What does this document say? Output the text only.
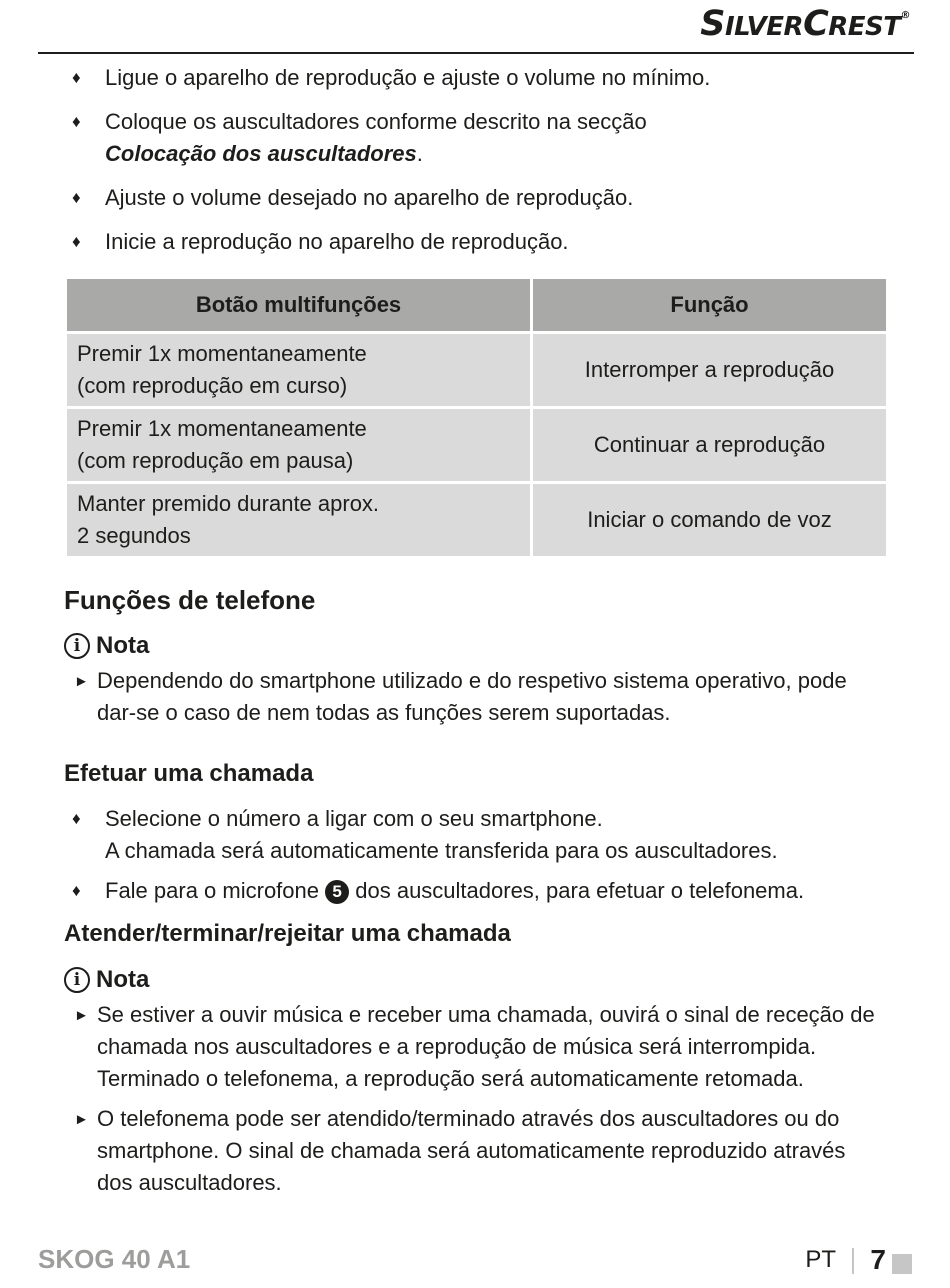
SILVERCREST®
♦ Ligue o aparelho de reprodução e ajuste o volume no mínimo.
♦ Coloque os auscultadores conforme descrito na secção
Colocação dos auscultadores.
♦ Ajuste o volume desejado no aparelho de reprodução.
♦ Inicie a reprodução no aparelho de reprodução.
Botão multifunções	Função
Premir 1x momentaneamente
(com reprodução em curso)	Interromper a reprodução
Premir 1x momentaneamente
(com reprodução em pausa)	Continuar a reprodução
Manter premido durante aprox.
2 segundos	Iniciar o comando de voz
Funções de telefone
i Nota
► Dependendo do smartphone utilizado e do respetivo sistema operativo, pode dar-se o caso de nem todas as funções serem suportadas.
Efetuar uma chamada
♦ Selecione o número a ligar com o seu smartphone.
A chamada será automaticamente transferida para os auscultadores.
♦ Fale para o microfone 5 dos auscultadores, para efetuar o telefonema.
Atender/terminar/rejeitar uma chamada
i Nota
► Se estiver a ouvir música e receber uma chamada, ouvirá o sinal de receção de chamada nos auscultadores e a reprodução de música será interrompida. Terminado o telefonema, a reprodução será automaticamente retomada.
► O telefonema pode ser atendido/terminado através dos auscultadores ou do smartphone. O sinal de chamada será automaticamente reproduzido através dos auscultadores.
SKOG 40 A1	PT 7
